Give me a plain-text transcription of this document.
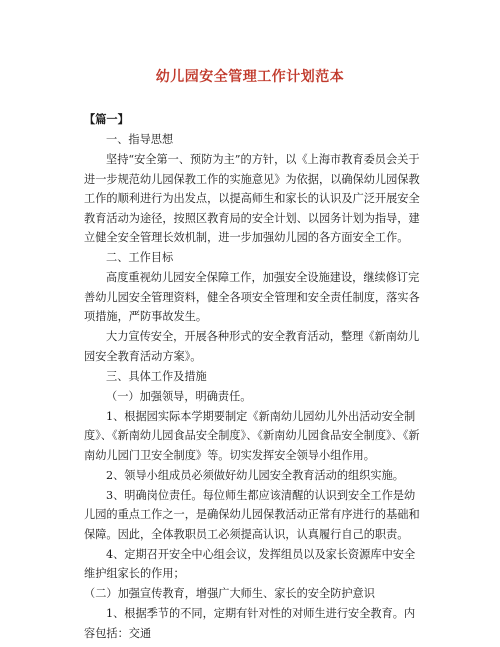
幼儿园安全管理工作计划范本

【篇一】

一、指导思想

坚持“安全第一、预防为主”的方针，以《上海市教育委员会关于进一步规范幼儿园保教工作的实施意见》为依据，以确保幼儿园保教工作的顺利进行为出发点，以提高师生和家长的认识及广泛开展安全教育活动为途径，按照区教育局的安全计划、以园务计划为指导，建立健全安全管理长效机制，进一步加强幼儿园的各方面安全工作。

二、工作目标

高度重视幼儿园安全保障工作，加强安全设施建设，继续修订完善幼儿园安全管理资料，健全各项安全管理和安全责任制度，落实各项措施，严防事故发生。

大力宣传安全，开展各种形式的安全教育活动，整理《新南幼儿园安全教育活动方案》。

三、具体工作及措施

（一）加强领导，明确责任。

1、根据园实际本学期要制定《新南幼儿园幼儿外出活动安全制度》、《新南幼儿园食品安全制度》、《新南幼儿园食品安全制度》、《新南幼儿园门卫安全制度》等。切实发挥安全领导小组作用。

2、领导小组成员必须做好幼儿园安全教育活动的组织实施。

3、明确岗位责任。每位师生都应该清醒的认识到安全工作是幼儿园的重点工作之一，是确保幼儿园保教活动正常有序进行的基础和保障。因此，全体教职员工必须提高认识，认真履行自己的职责。

4、定期召开安全中心组会议，发挥组员以及家长资源库中安全维护组家长的作用；

（二）加强宣传教育，增强广大师生、家长的安全防护意识

1、根据季节的不同，定期有针对性的对师生进行安全教育。内容包括：交通
